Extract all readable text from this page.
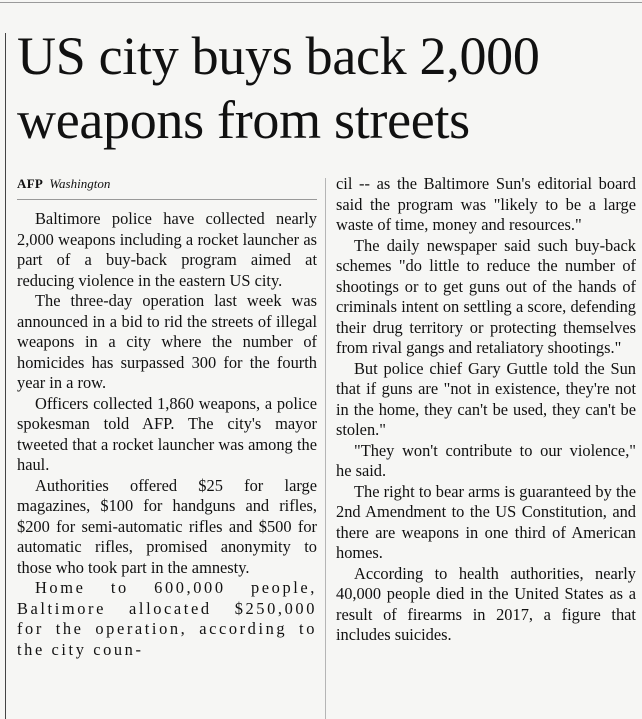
US city buys back 2,000 weapons from streets
AFP Washington

Baltimore police have collected nearly 2,000 weapons including a rocket launcher as part of a buy-back program aimed at reducing violence in the eastern US city.

The three-day operation last week was announced in a bid to rid the streets of illegal weapons in a city where the number of homicides has surpassed 300 for the fourth year in a row.

Officers collected 1,860 weapons, a police spokesman told AFP. The city's mayor tweeted that a rocket launcher was among the haul.

Authorities offered $25 for large magazines, $100 for handguns and rifles, $200 for semi-automatic rifles and $500 for automatic rifles, promised anonymity to those who took part in the amnesty.

Home to 600,000 people, Baltimore allocated $250,000 for the operation, according to the city coun-

cil -- as the Baltimore Sun's editorial board said the program was "likely to be a large waste of time, money and resources."

The daily newspaper said such buy-back schemes "do little to reduce the number of shootings or to get guns out of the hands of criminals intent on settling a score, defending their drug territory or protecting themselves from rival gangs and retaliatory shootings."

But police chief Gary Guttle told the Sun that if guns are "not in existence, they're not in the home, they can't be used, they can't be stolen."

"They won't contribute to our violence," he said.

The right to bear arms is guaranteed by the 2nd Amendment to the US Constitution, and there are weapons in one third of American homes.

According to health authorities, nearly 40,000 people died in the United States as a result of firearms in 2017, a figure that includes suicides.
